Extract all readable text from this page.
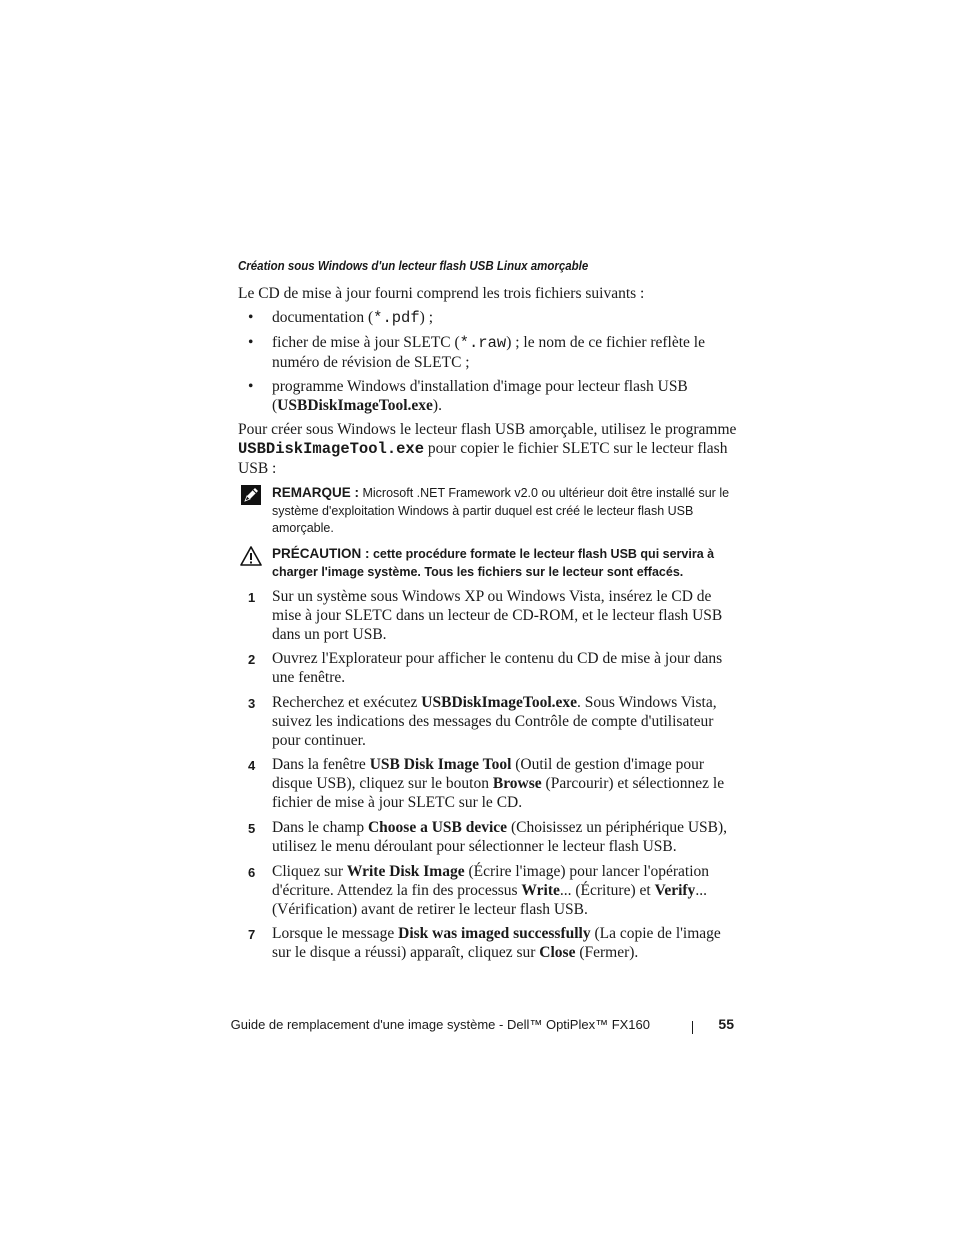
Création sous Windows d'un lecteur flash USB Linux amorçable
Le CD de mise à jour fourni comprend les trois fichiers suivants :
• documentation (*.pdf) ;
• ficher de mise à jour SLETC (*.raw) ; le nom de ce fichier reflète le numéro de révision de SLETC ;
• programme Windows d'installation d'image pour lecteur flash USB (USBDiskImageTool.exe).
Pour créer sous Windows le lecteur flash USB amorçable, utilisez le programme USBDiskImageTool.exe pour copier le fichier SLETC sur le lecteur flash USB :
REMARQUE : Microsoft .NET Framework v2.0 ou ultérieur doit être installé sur le système d'exploitation Windows à partir duquel est créé le lecteur flash USB amorçable.
PRÉCAUTION : cette procédure formate le lecteur flash USB qui servira à charger l'image système. Tous les fichiers sur le lecteur sont effacés.
1 Sur un système sous Windows XP ou Windows Vista, insérez le CD de mise à jour SLETC dans un lecteur de CD-ROM, et le lecteur flash USB dans un port USB.
2 Ouvrez l'Explorateur pour afficher le contenu du CD de mise à jour dans une fenêtre.
3 Recherchez et exécutez USBDiskImageTool.exe. Sous Windows Vista, suivez les indications des messages du Contrôle de compte d'utilisateur pour continuer.
4 Dans la fenêtre USB Disk Image Tool (Outil de gestion d'image pour disque USB), cliquez sur le bouton Browse (Parcourir) et sélectionnez le fichier de mise à jour SLETC sur le CD.
5 Dans le champ Choose a USB device (Choisissez un périphérique USB), utilisez le menu déroulant pour sélectionner le lecteur flash USB.
6 Cliquez sur Write Disk Image (Écrire l'image) pour lancer l'opération d'écriture. Attendez la fin des processus Write... (Écriture) et Verify... (Vérification) avant de retirer le lecteur flash USB.
7 Lorsque le message Disk was imaged successfully (La copie de l'image sur le disque a réussi) apparaît, cliquez sur Close (Fermer).
Guide de remplacement d'une image système - Dell™ OptiPlex™ FX160	55
